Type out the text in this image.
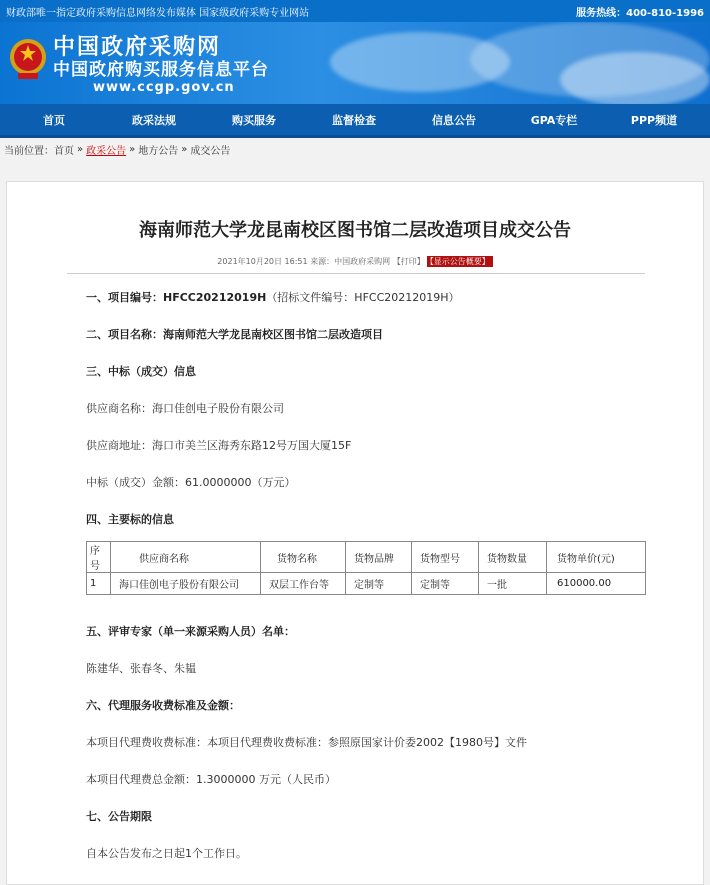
财政部唯一指定政府采购信息网络发布媒体 国家级政府采购专业网站	服务热线：400-810-1996
中国政府采购网
中国政府购买服务信息平台
www.ccgp.gov.cn
首页	政采法规	购买服务	监督检查	信息公告	GPA专栏	PPP频道
当前位置： 首页 » 政采公告 » 地方公告 » 成交公告
海南师范大学龙昆南校区图书馆二层改造项目成交公告
2021年10月20日 16:51 来源：中国政府采购网 【打印】 【显示公告概要】
一、项目编号：HFCC20212019H（招标文件编号：HFCC20212019H）
二、项目名称：海南师范大学龙昆南校区图书馆二层改造项目
三、中标（成交）信息
供应商名称：海口佳创电子股份有限公司
供应商地址：海口市美兰区海秀东路12号万国大厦15F
中标（成交）金额：61.0000000（万元）
四、主要标的信息
序号	供应商名称	货物名称	货物品牌	货物型号	货物数量	货物单价(元)
1	海口佳创电子股份有限公司	双层工作台等	定制等	定制等	一批	610000.00
五、评审专家（单一来源采购人员）名单：
陈建华、张春冬、朱韫
六、代理服务收费标准及金额：
本项目代理费收费标准：本项目代理费收费标准：参照原国家计价委2002【1980号】文件
本项目代理费总金额：1.3000000 万元（人民币）
七、公告期限
自本公告发布之日起1个工作日。
